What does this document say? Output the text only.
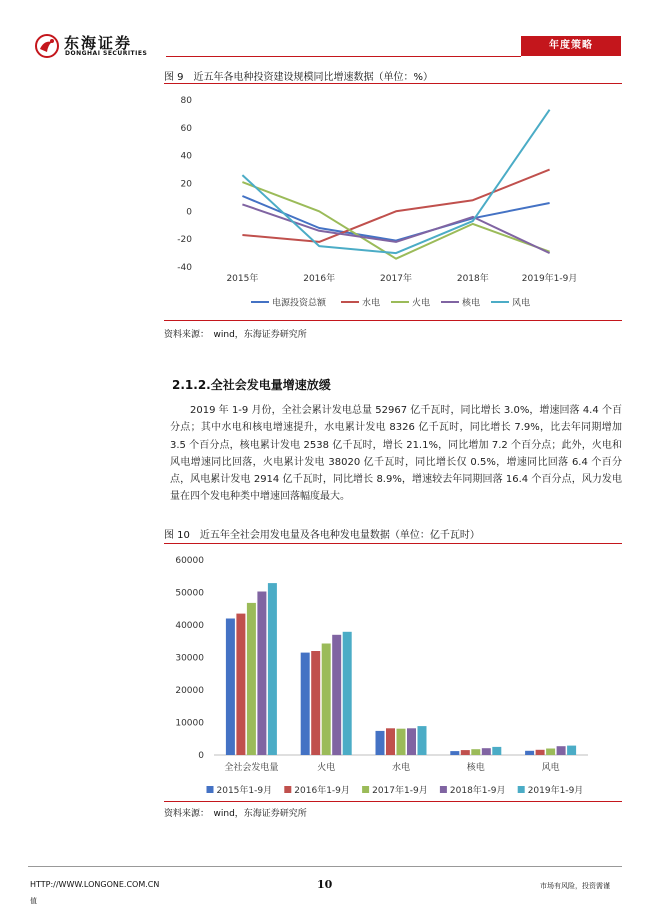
东海证券
DONGHAI SECURITIES
年度策略
图 9　近五年各电种投资建设规模同比增速数据（单位：%）
80
60
40
20
0
-20
-40
2015年	2016年	2017年	2018年	2019年1-9月
电源投资总额	水电	火电	核电	风电
资料来源：　wind，东海证券研究所
2.1.2.全社会发电量增速放缓
2019 年 1-9 月份，全社会累计发电总量 52967 亿千瓦时，同比增长 3.0%，增速回落 4.4 个百分点；其中水电和核电增速提升，水电累计发电 8326 亿千瓦时，同比增长 7.9%，比去年同期增加 3.5 个百分点，核电累计发电 2538 亿千瓦时，增长 21.1%，同比增加 7.2 个百分点；此外，火电和风电增速同比回落，火电累计发电 38020 亿千瓦时，同比增长仅 0.5%，增速同比回落 6.4 个百分点，风电累计发电 2914 亿千瓦时，同比增长 8.9%，增速较去年同期回落 16.4 个百分点，风力发电量在四个发电种类中增速回落幅度最大。
图 10　近五年全社会用发电量及各电种发电量数据（单位：亿千瓦时）
60000
50000
40000
30000
20000
10000
0
全社会发电量	火电	水电	核电	风电
2015年1-9月 2016年1-9月 2017年1-9月 2018年1-9月 2019年1-9月
资料来源：　wind，东海证券研究所
HTTP://WWW.LONGONE.COM.CN	10	市场有风险，投资需谨
值
